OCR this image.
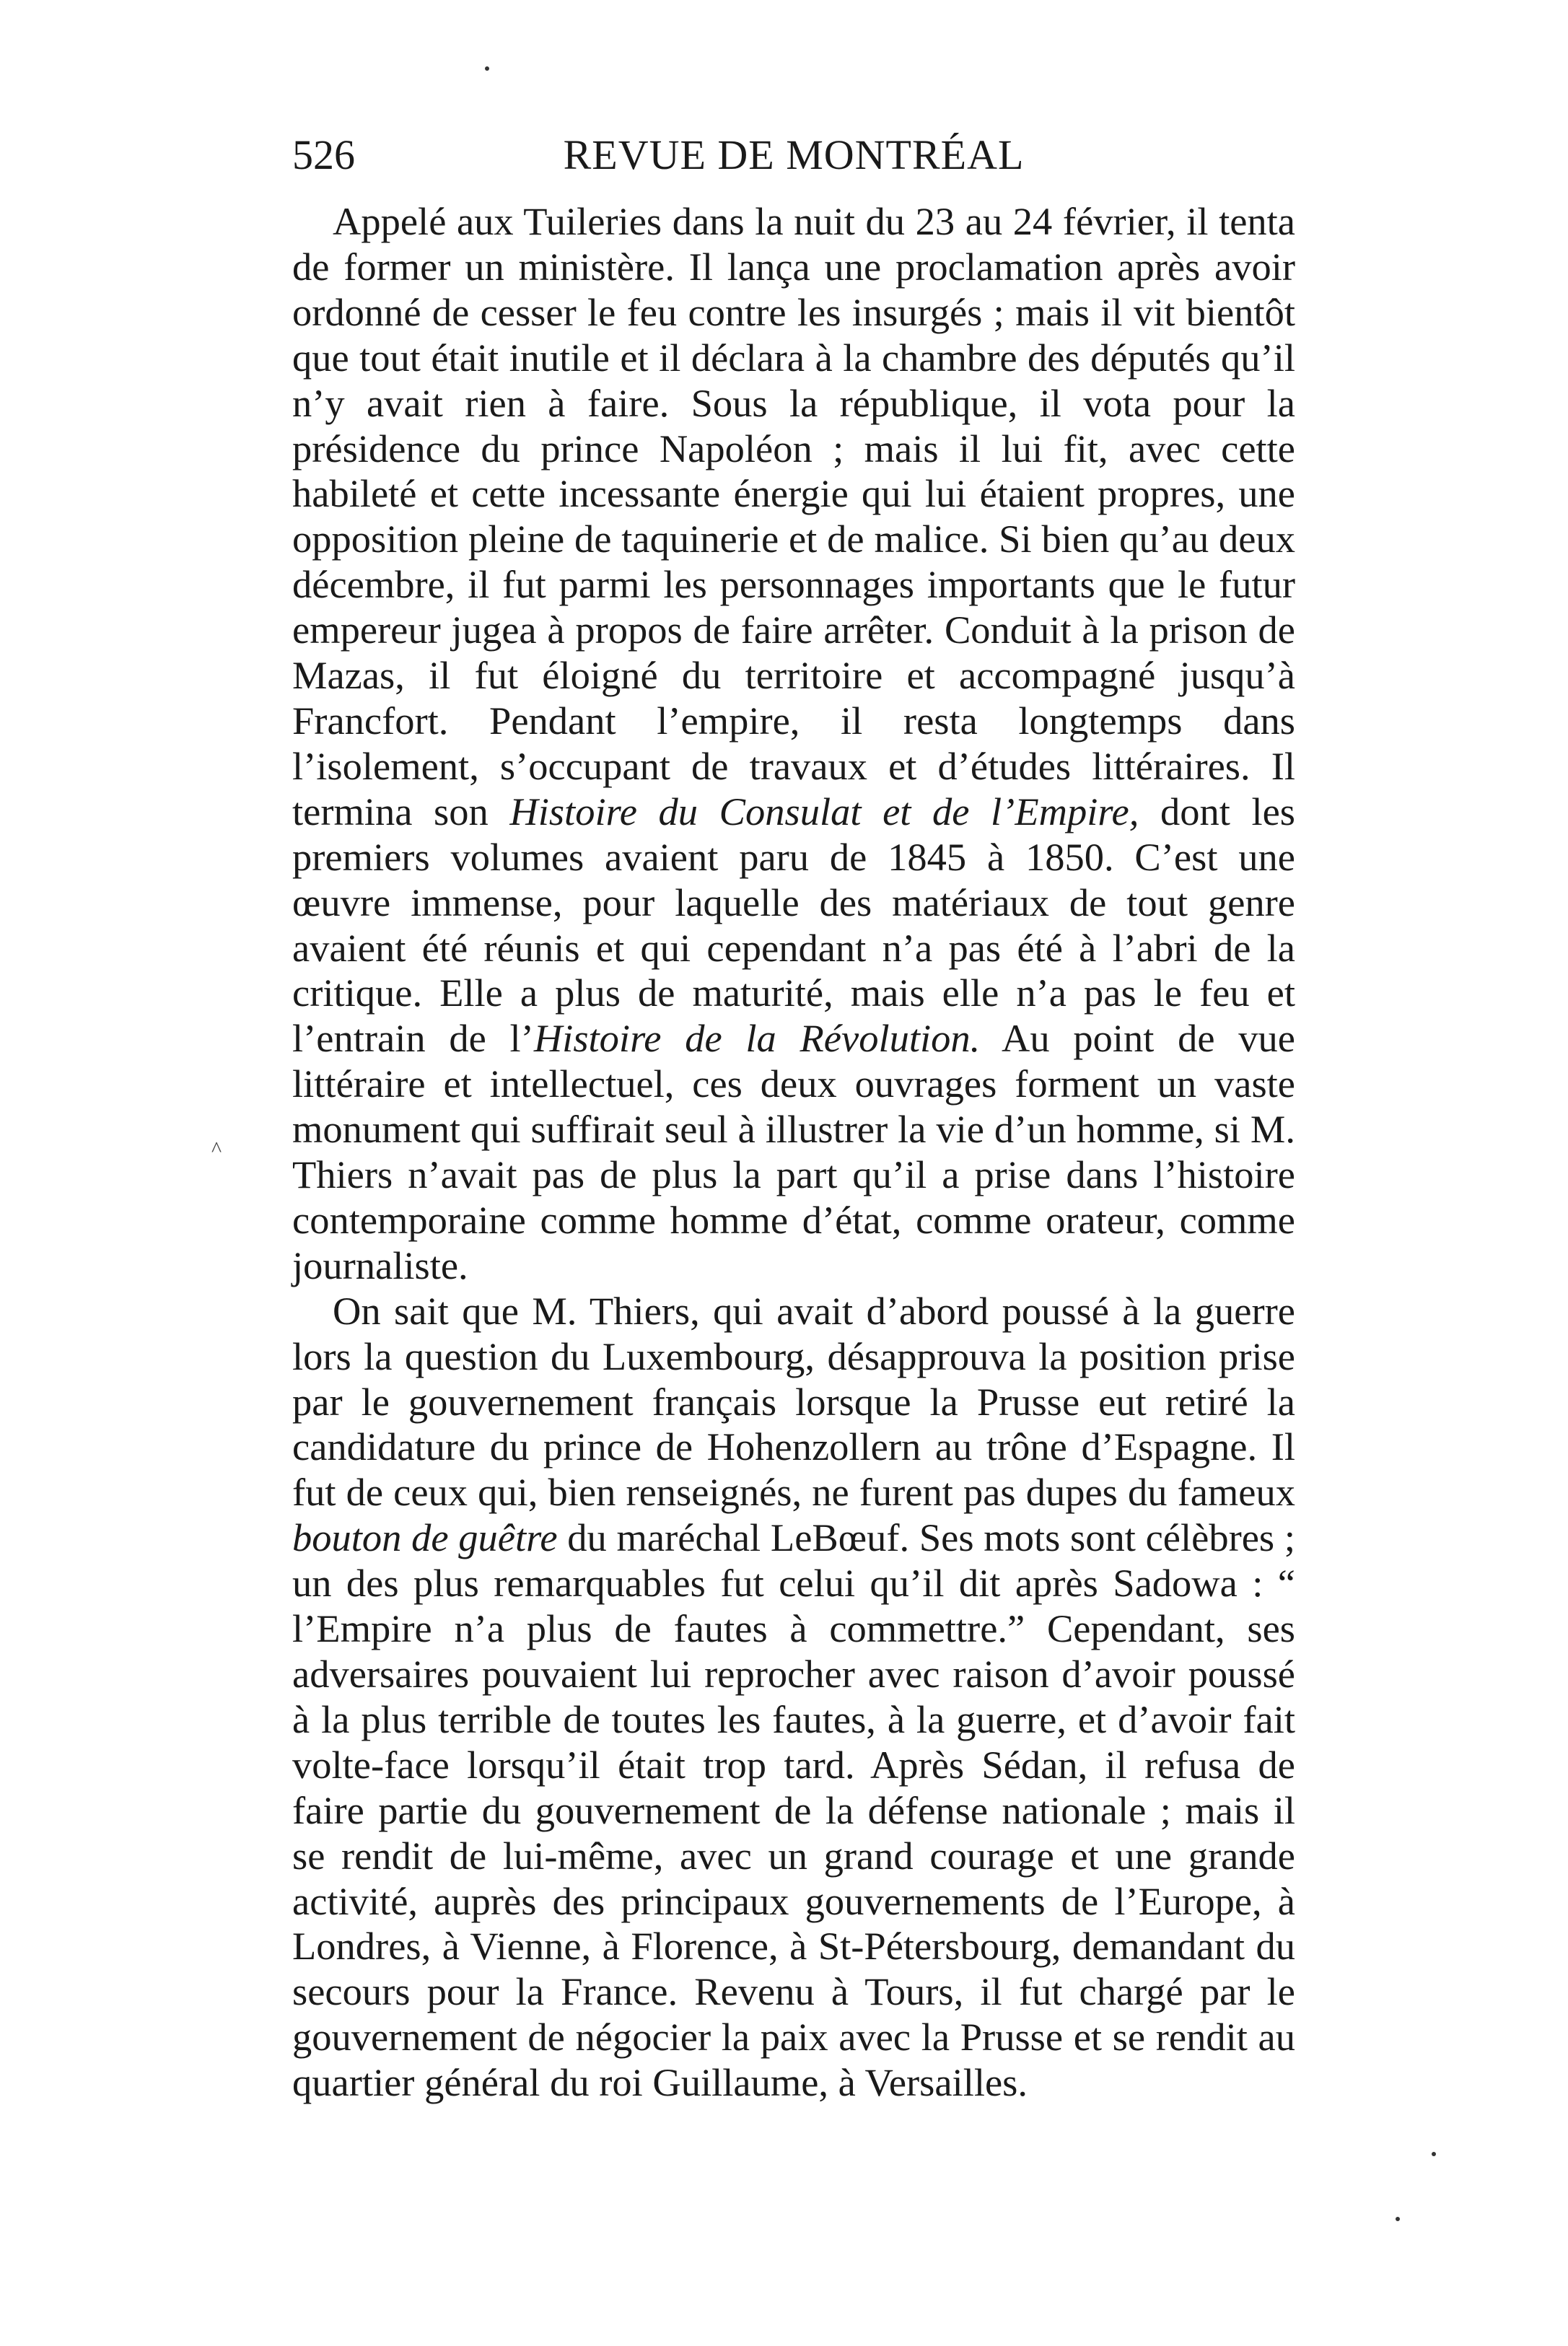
526	REVUE DE MONTRÉAL

Appelé aux Tuileries dans la nuit du 23 au 24 février, il tenta de former un ministère. Il lança une proclamation après avoir ordonné de cesser le feu contre les insurgés ; mais il vit bientôt que tout était inutile et il déclara à la chambre des députés qu’il n’y avait rien à faire. Sous la république, il vota pour la présidence du prince Napoléon ; mais il lui fit, avec cette habileté et cette incessante énergie qui lui étaient propres, une opposition pleine de taquinerie et de malice. Si bien qu’au deux décembre, il fut parmi les personnages importants que le futur empereur jugea à propos de faire arrêter. Conduit à la prison de Mazas, il fut éloigné du territoire et accompagné jusqu’à Francfort. Pendant l’empire, il resta longtemps dans l’isolement, s’occupant de travaux et d’études littéraires. Il termina son Histoire du Consulat et de l’Empire, dont les premiers volumes avaient paru de 1845 à 1850. C’est une œuvre immense, pour laquelle des matériaux de tout genre avaient été réunis et qui cependant n’a pas été à l’abri de la critique. Elle a plus de maturité, mais elle n’a pas le feu et l’entrain de l’Histoire de la Révolution. Au point de vue littéraire et intellectuel, ces deux ouvrages forment un vaste monument qui suffirait seul à illustrer la vie d’un homme, si M. Thiers n’avait pas de plus la part qu’il a prise dans l’histoire contemporaine comme homme d’état, comme orateur, comme journaliste.

On sait que M. Thiers, qui avait d’abord poussé à la guerre lors la question du Luxembourg, désapprouva la position prise par le gouvernement français lorsque la Prusse eut retiré la candidature du prince de Hohenzollern au trône d’Espagne. Il fut de ceux qui, bien renseignés, ne furent pas dupes du fameux bouton de guêtre du maréchal LeBœuf. Ses mots sont célèbres ; un des plus remarquables fut celui qu’il dit après Sadowa : “ l’Empire n’a plus de fautes à commettre.” Cependant, ses adversaires pouvaient lui reprocher avec raison d’avoir poussé à la plus terrible de toutes les fautes, à la guerre, et d’avoir fait volte-face lorsqu’il était trop tard. Après Sédan, il refusa de faire partie du gouvernement de la défense nationale ; mais il se rendit de lui-même, avec un grand courage et une grande activité, auprès des principaux gouvernements de l’Europe, à Londres, à Vienne, à Florence, à St-Pétersbourg, demandant du secours pour la France. Revenu à Tours, il fut chargé par le gouvernement de négocier la paix avec la Prusse et se rendit au quartier général du roi Guillaume, à Versailles.

^
